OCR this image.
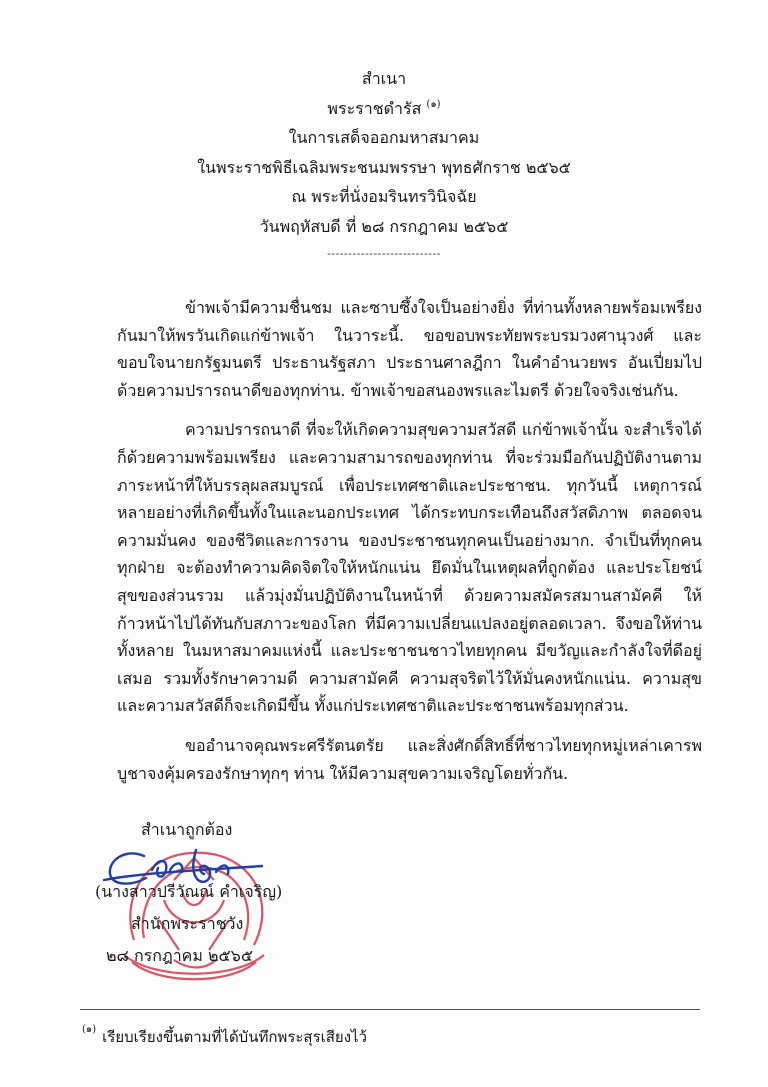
สำเนา
พระราชดำรัส $^{(๑)}$
ในการเสด็จออกมหาสมาคม
ในพระราชพิธีเฉลิมพระชนมพรรษา พุทธศักราช ๒๕๖๕
ณ พระที่นั่งอมรินทรวินิจฉัย
วันพฤหัสบดี ที่ ๒๘ กรกฎาคม ๒๕๖๕
---------------------------

ข้าพเจ้ามีความชื่นชม และซาบซึ้งใจเป็นอย่างยิ่ง ที่ท่านทั้งหลายพร้อมเพรียงกันมาให้พรวันเกิดแก่ข้าพเจ้า ในวาระนี้. ขอขอบพระทัยพระบรมวงศานุวงศ์ และขอบใจนายกรัฐมนตรี ประธานรัฐสภา ประธานศาลฎีกา ในคำอำนวยพร อันเปี่ยมไปด้วยความปรารถนาดีของทุกท่าน. ข้าพเจ้าขอสนองพรและไมตรี ด้วยใจจริงเช่นกัน.

ความปรารถนาดี ที่จะให้เกิดความสุขความสวัสดี แก่ข้าพเจ้านั้น จะสำเร็จได้ก็ด้วยความพร้อมเพรียง และความสามารถของทุกท่าน ที่จะร่วมมือกันปฏิบัติงานตามภาระหน้าที่ให้บรรลุผลสมบูรณ์ เพื่อประเทศชาติและประชาชน. ทุกวันนี้ เหตุการณ์หลายอย่างที่เกิดขึ้นทั้งในและนอกประเทศ ได้กระทบกระเทือนถึงสวัสดิภาพ ตลอดจนความมั่นคง ของชีวิตและการงาน ของประชาชนทุกคนเป็นอย่างมาก. จำเป็นที่ทุกคนทุกฝ่าย จะต้องทำความคิดจิตใจให้หนักแน่น ยึดมั่นในเหตุผลที่ถูกต้อง และประโยชน์สุขของส่วนรวม แล้วมุ่งมั่นปฏิบัติงานในหน้าที่ ด้วยความสมัครสมานสามัคคี ให้ก้าวหน้าไปได้ทันกับสภาวะของโลก ที่มีความเปลี่ยนแปลงอยู่ตลอดเวลา. จึงขอให้ท่านทั้งหลาย ในมหาสมาคมแห่งนี้ และประชาชนชาวไทยทุกคน มีขวัญและกำลังใจที่ดีอยู่เสมอ รวมทั้งรักษาความดี ความสามัคคี ความสุจริตไว้ให้มั่นคงหนักแน่น. ความสุขและความสวัสดีก็จะเกิดมีขึ้น ทั้งแก่ประเทศชาติและประชาชนพร้อมทุกส่วน.

ขออำนาจคุณพระศรีรัตนตรัย และสิ่งศักดิ์สิทธิ์ที่ชาวไทยทุกหมู่เหล่าเคารพบูชาจงคุ้มครองรักษาทุกๆ ท่าน ให้มีความสุขความเจริญโดยทั่วกัน.

สำเนาถูกต้อง
(นางสาวปรีวัณณ์ คำเจริญ)
สำนักพระราชวัง
๒๘ กรกฎาคม ๒๕๖๕
$^{(๑)}$ เรียบเรียงขึ้นตามที่ได้บันทึกพระสุรเสียงไว้
